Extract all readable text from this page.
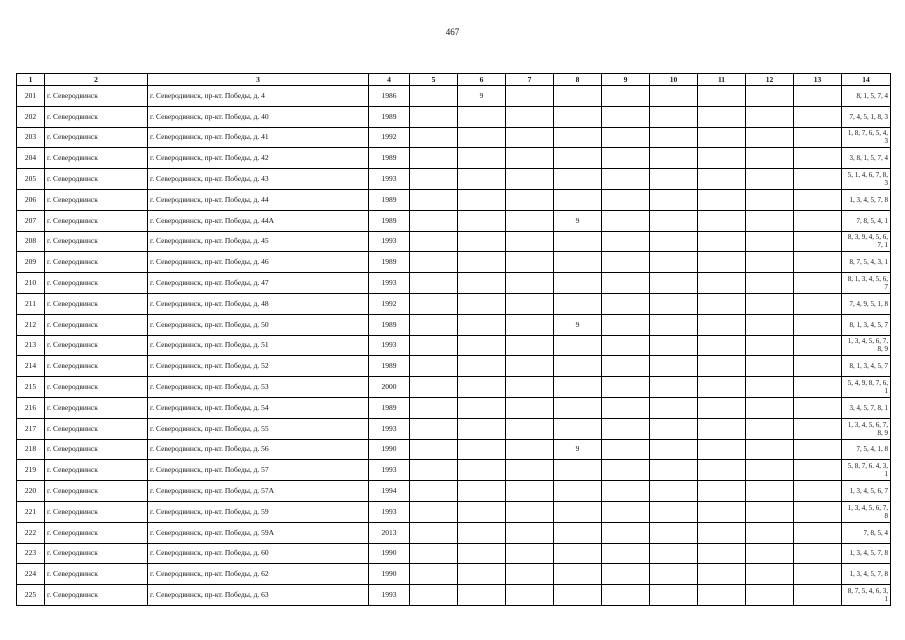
467
1	2	3	4	5	6	7	8	9	10	11	12	13	14
201	г. Северодвинск	г. Северодвинск, пр-кт. Победы, д. 4	1986		9								8, 1, 5, 7, 4
202	г. Северодвинск	г. Северодвинск, пр-кт. Победы, д. 40	1989										7, 4, 5, 1, 8, 3
203	г. Северодвинск	г. Северодвинск, пр-кт. Победы, д. 41	1992										1, 8, 7, 6, 5, 4, 3
204	г. Северодвинск	г. Северодвинск, пр-кт. Победы, д. 42	1989										3, 8, 1, 5, 7, 4
205	г. Северодвинск	г. Северодвинск, пр-кт. Победы, д. 43	1993										5, 1, 4, 6, 7, 8, 3
206	г. Северодвинск	г. Северодвинск, пр-кт. Победы, д. 44	1989										1, 3, 4, 5, 7, 8
207	г. Северодвинск	г. Северодвинск, пр-кт. Победы, д. 44А	1989				9						7, 8, 5, 4, 1
208	г. Северодвинск	г. Северодвинск, пр-кт. Победы, д. 45	1993										8, 3, 9, 4, 5, 6, 7, 1
209	г. Северодвинск	г. Северодвинск, пр-кт. Победы, д. 46	1989										8, 7, 5, 4, 3, 1
210	г. Северодвинск	г. Северодвинск, пр-кт. Победы, д. 47	1993										8, 1, 3, 4, 5, 6, 7
211	г. Северодвинск	г. Северодвинск, пр-кт. Победы, д. 48	1992										7, 4, 9, 5, 1, 8
212	г. Северодвинск	г. Северодвинск, пр-кт. Победы, д. 50	1989				9						8, 1, 3, 4, 5, 7
213	г. Северодвинск	г. Северодвинск, пр-кт. Победы, д. 51	1993										1, 3, 4, 5, 6, 7, 8, 9
214	г. Северодвинск	г. Северодвинск, пр-кт. Победы, д. 52	1989										8, 1, 3, 4, 5, 7
215	г. Северодвинск	г. Северодвинск, пр-кт. Победы, д. 53	2000										5, 4, 9, 8, 7, 6, 1
216	г. Северодвинск	г. Северодвинск, пр-кт. Победы, д. 54	1989										3, 4, 5, 7, 8, 1
217	г. Северодвинск	г. Северодвинск, пр-кт. Победы, д. 55	1993										1, 3, 4, 5, 6, 7, 8, 9
218	г. Северодвинск	г. Северодвинск, пр-кт. Победы, д. 56	1990				9						7, 5, 4, 1, 8
219	г. Северодвинск	г. Северодвинск, пр-кт. Победы, д. 57	1993										5, 8, 7, 6. 4, 3, 1
220	г. Северодвинск	г. Северодвинск, пр-кт. Победы, д. 57А	1994										1, 3, 4, 5, 6, 7
221	г. Северодвинск	г. Северодвинск, пр-кт. Победы, д. 59	1993										1, 3, 4, 5, 6, 7, 8
222	г. Северодвинск	г. Северодвинск, пр-кт. Победы, д. 59А	2013										7, 8, 5, 4
223	г. Северодвинск	г. Северодвинск, пр-кт. Победы, д. 60	1990										1, 3, 4, 5, 7, 8
224	г. Северодвинск	г. Северодвинск, пр-кт. Победы, д. 62	1990										1, 3, 4, 5, 7, 8
225	г. Северодвинск	г. Северодвинск, пр-кт. Победы, д. 63	1993										8, 7, 5, 4, 6, 3, 1
